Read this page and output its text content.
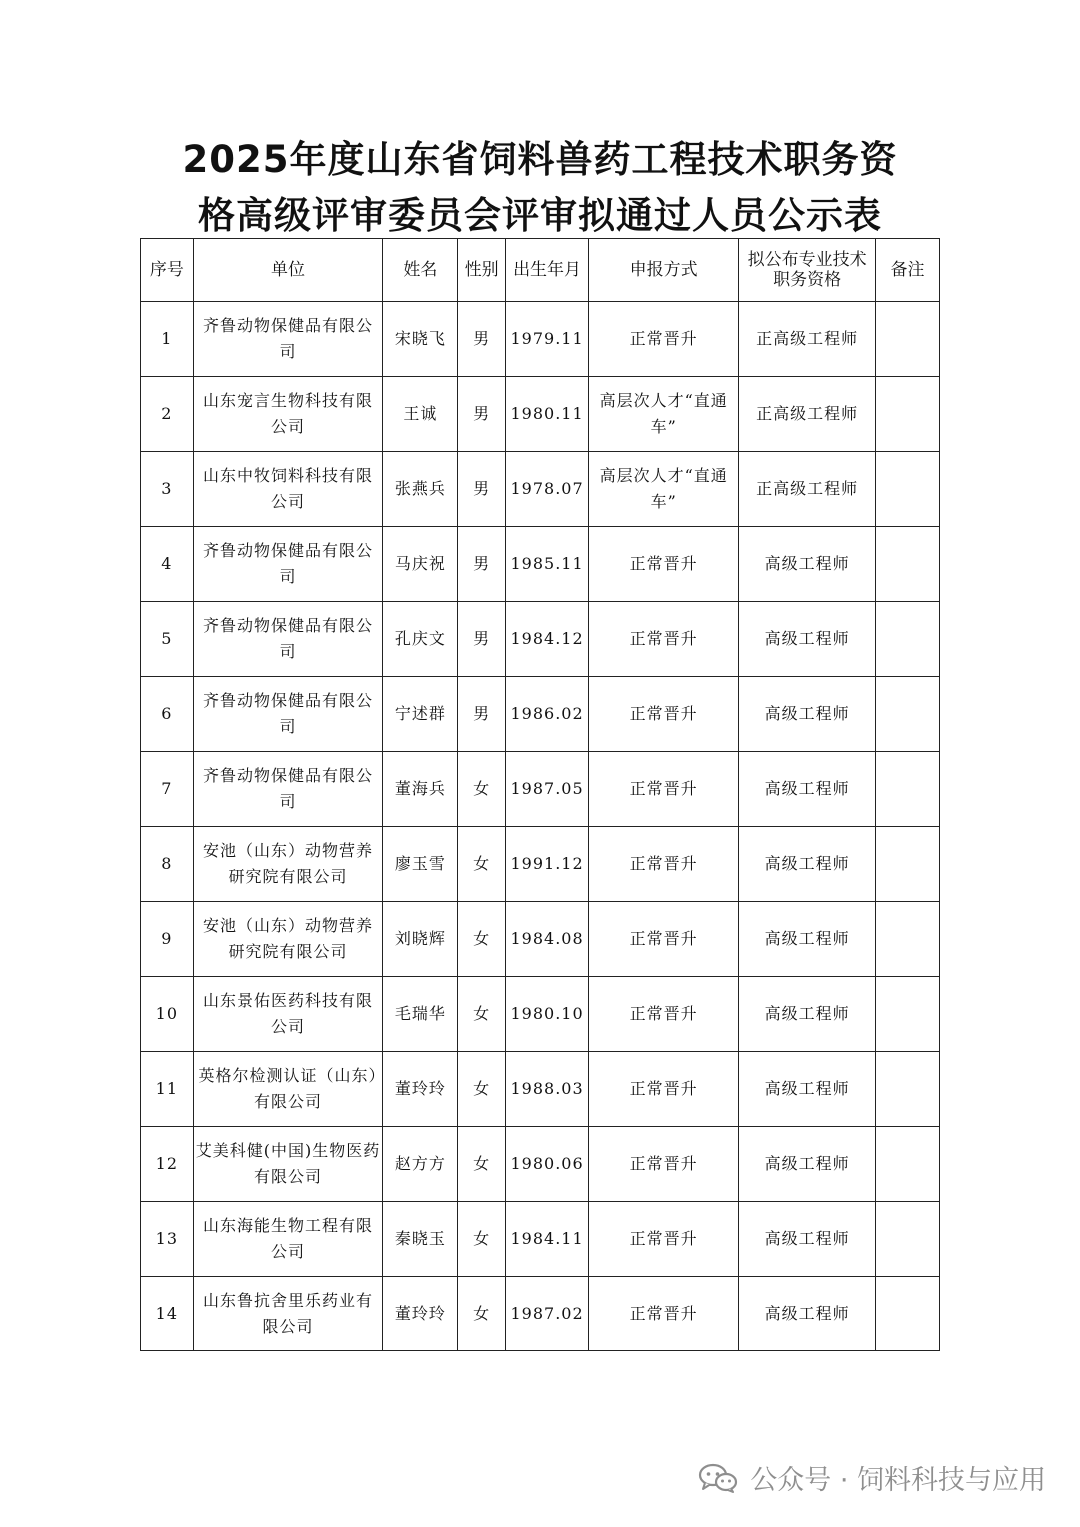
2025年度山东省饲料兽药工程技术职务资
格高级评审委员会评审拟通过人员公示表
序号	单位	姓名	性别	出生年月	申报方式	拟公布专业技术职务资格	备注
1	齐鲁动物保健品有限公司	宋晓飞	男	1979.11	正常晋升	正高级工程师	
2	山东宠言生物科技有限公司	王诚	男	1980.11	高层次人才“直通车”	正高级工程师	
3	山东中牧饲料科技有限公司	张燕兵	男	1978.07	高层次人才“直通车”	正高级工程师	
4	齐鲁动物保健品有限公司	马庆祝	男	1985.11	正常晋升	高级工程师	
5	齐鲁动物保健品有限公司	孔庆文	男	1984.12	正常晋升	高级工程师	
6	齐鲁动物保健品有限公司	宁述群	男	1986.02	正常晋升	高级工程师	
7	齐鲁动物保健品有限公司	董海兵	女	1987.05	正常晋升	高级工程师	
8	安池（山东）动物营养研究院有限公司	廖玉雪	女	1991.12	正常晋升	高级工程师	
9	安池（山东）动物营养研究院有限公司	刘晓辉	女	1984.08	正常晋升	高级工程师	
10	山东景佑医药科技有限公司	毛瑞华	女	1980.10	正常晋升	高级工程师	
11	英格尔检测认证（山东）有限公司	董玲玲	女	1988.03	正常晋升	高级工程师	
12	艾美科健(中国)生物医药有限公司	赵方方	女	1980.06	正常晋升	高级工程师	
13	山东海能生物工程有限公司	秦晓玉	女	1984.11	正常晋升	高级工程师	
14	山东鲁抗舍里乐药业有限公司	董玲玲	女	1987.02	正常晋升	高级工程师	
公众号 · 饲料科技与应用
